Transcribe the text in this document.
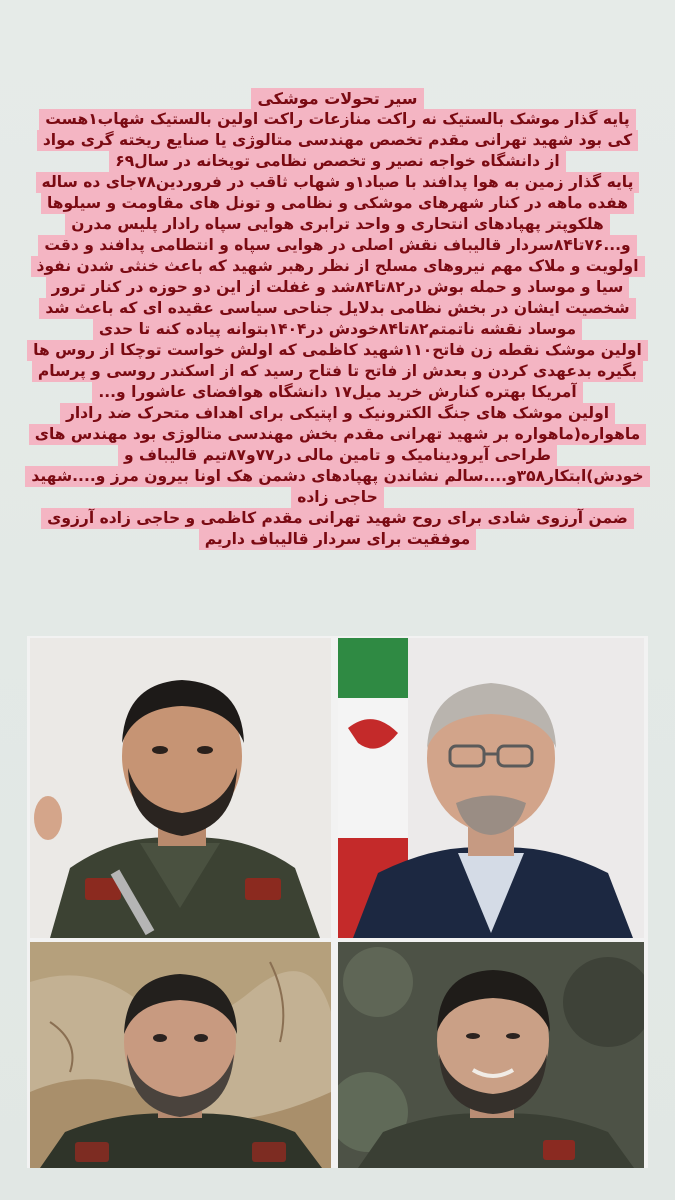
سیر تحولات موشکی
پایه گذار موشک بالستیک نه راکت منازعات راکت اولین بالستیک شهاب۱هست
کی بود شهید تهرانی مقدم تخصص مهندسی متالوژی یا صنایع ریخته گری مواد
از دانشگاه خواجه نصیر و تخصص نظامی توپخانه در سال۶۹
پایه گذار زمین به هوا پدافند با صیاد۱و شهاب ثاقب در فروردین۷۸جای ده ساله
هفده ماهه در کنار شهرهای موشکی و نظامی و تونل های مقاومت و سیلوها
هلکوپتر پهپادهای انتحاری و واحد ترابری هوایی سپاه رادار پلیس مدرن
و...۷۶تا۸۴سردار قالیباف نقش اصلی در هوایی سپاه و انتطامی پدافند و دقت
اولویت و ملاک مهم نیروهای مسلح از نظر رهبر شهید که باعث خنثی شدن نفوذ
سیا و موساد و حمله بوش در۸۲تا۸۴شد و غفلت از این دو حوزه در کنار ترور
شخصیت ایشان در بخش نظامی بدلایل جناحی سیاسی عقیده ای که باعث شد
موساد نقشه ناتمتم۸۲تا۸۴خودش در۱۴۰۴بتوانه پیاده کنه تا حدی
اولین موشک نقطه زن فاتح۱۱۰شهید کاظمی که اولش خواست توچکا از روس ها
بگیره بدعهدی کردن و بعدش از فاتح تا فتاح رسید که از اسکندر روسی و پرسام
آمریکا بهتره کنارش خرید میل۱۷ دانشگاه هوافضای عاشورا و...
اولین موشک های جنگ الکترونیک و اپتیکی برای اهداف متحرک ضد رادار
ماهواره(ماهواره بر شهید تهرانی مقدم بخش مهندسی متالوژی بود مهندس های
طراحی آیرودینامیک و تامین مالی در۷۷و۸۷تیم قالیباف و
خودش)ابتکار۳۵۸و....سالم نشاندن پهپادهای دشمن هک اونا بیرون مرز و....شهید
حاجی زاده
ضمن آرزوی شادی برای روح شهید تهرانی مقدم کاظمی و حاجی زاده آرزوی
موفقیت برای سردار قالیباف داریم
